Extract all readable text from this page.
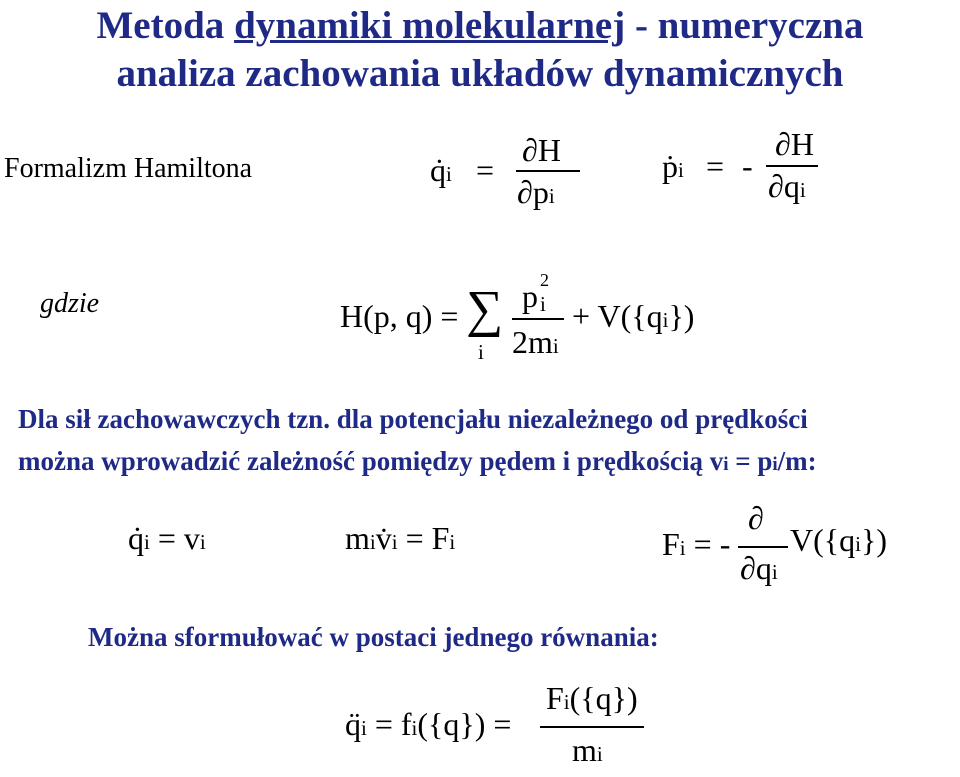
Metoda dynamiki molekularnej - numeryczna
analiza zachowania układów dynamicznych
Formalizm Hamiltona	q̇i =
∂H
∂pi
ṗi = -
∂H
∂qi
gdzie	H(p, q) = ∑
i
p 2
i
2mi
+ V({qi})
Dla sił zachowawczych tzn. dla potencjału niezależnego od prędkości
można wprowadzić zależność pomiędzy pędem i prędkością vi = pi/m:
q̇i = vi	miv̇i = Fi	Fi = -
∂
∂qi
V({qi})
Można sformułować w postaci jednego równania:
q̈i = fi({q}) =
Fi({q})
mi
